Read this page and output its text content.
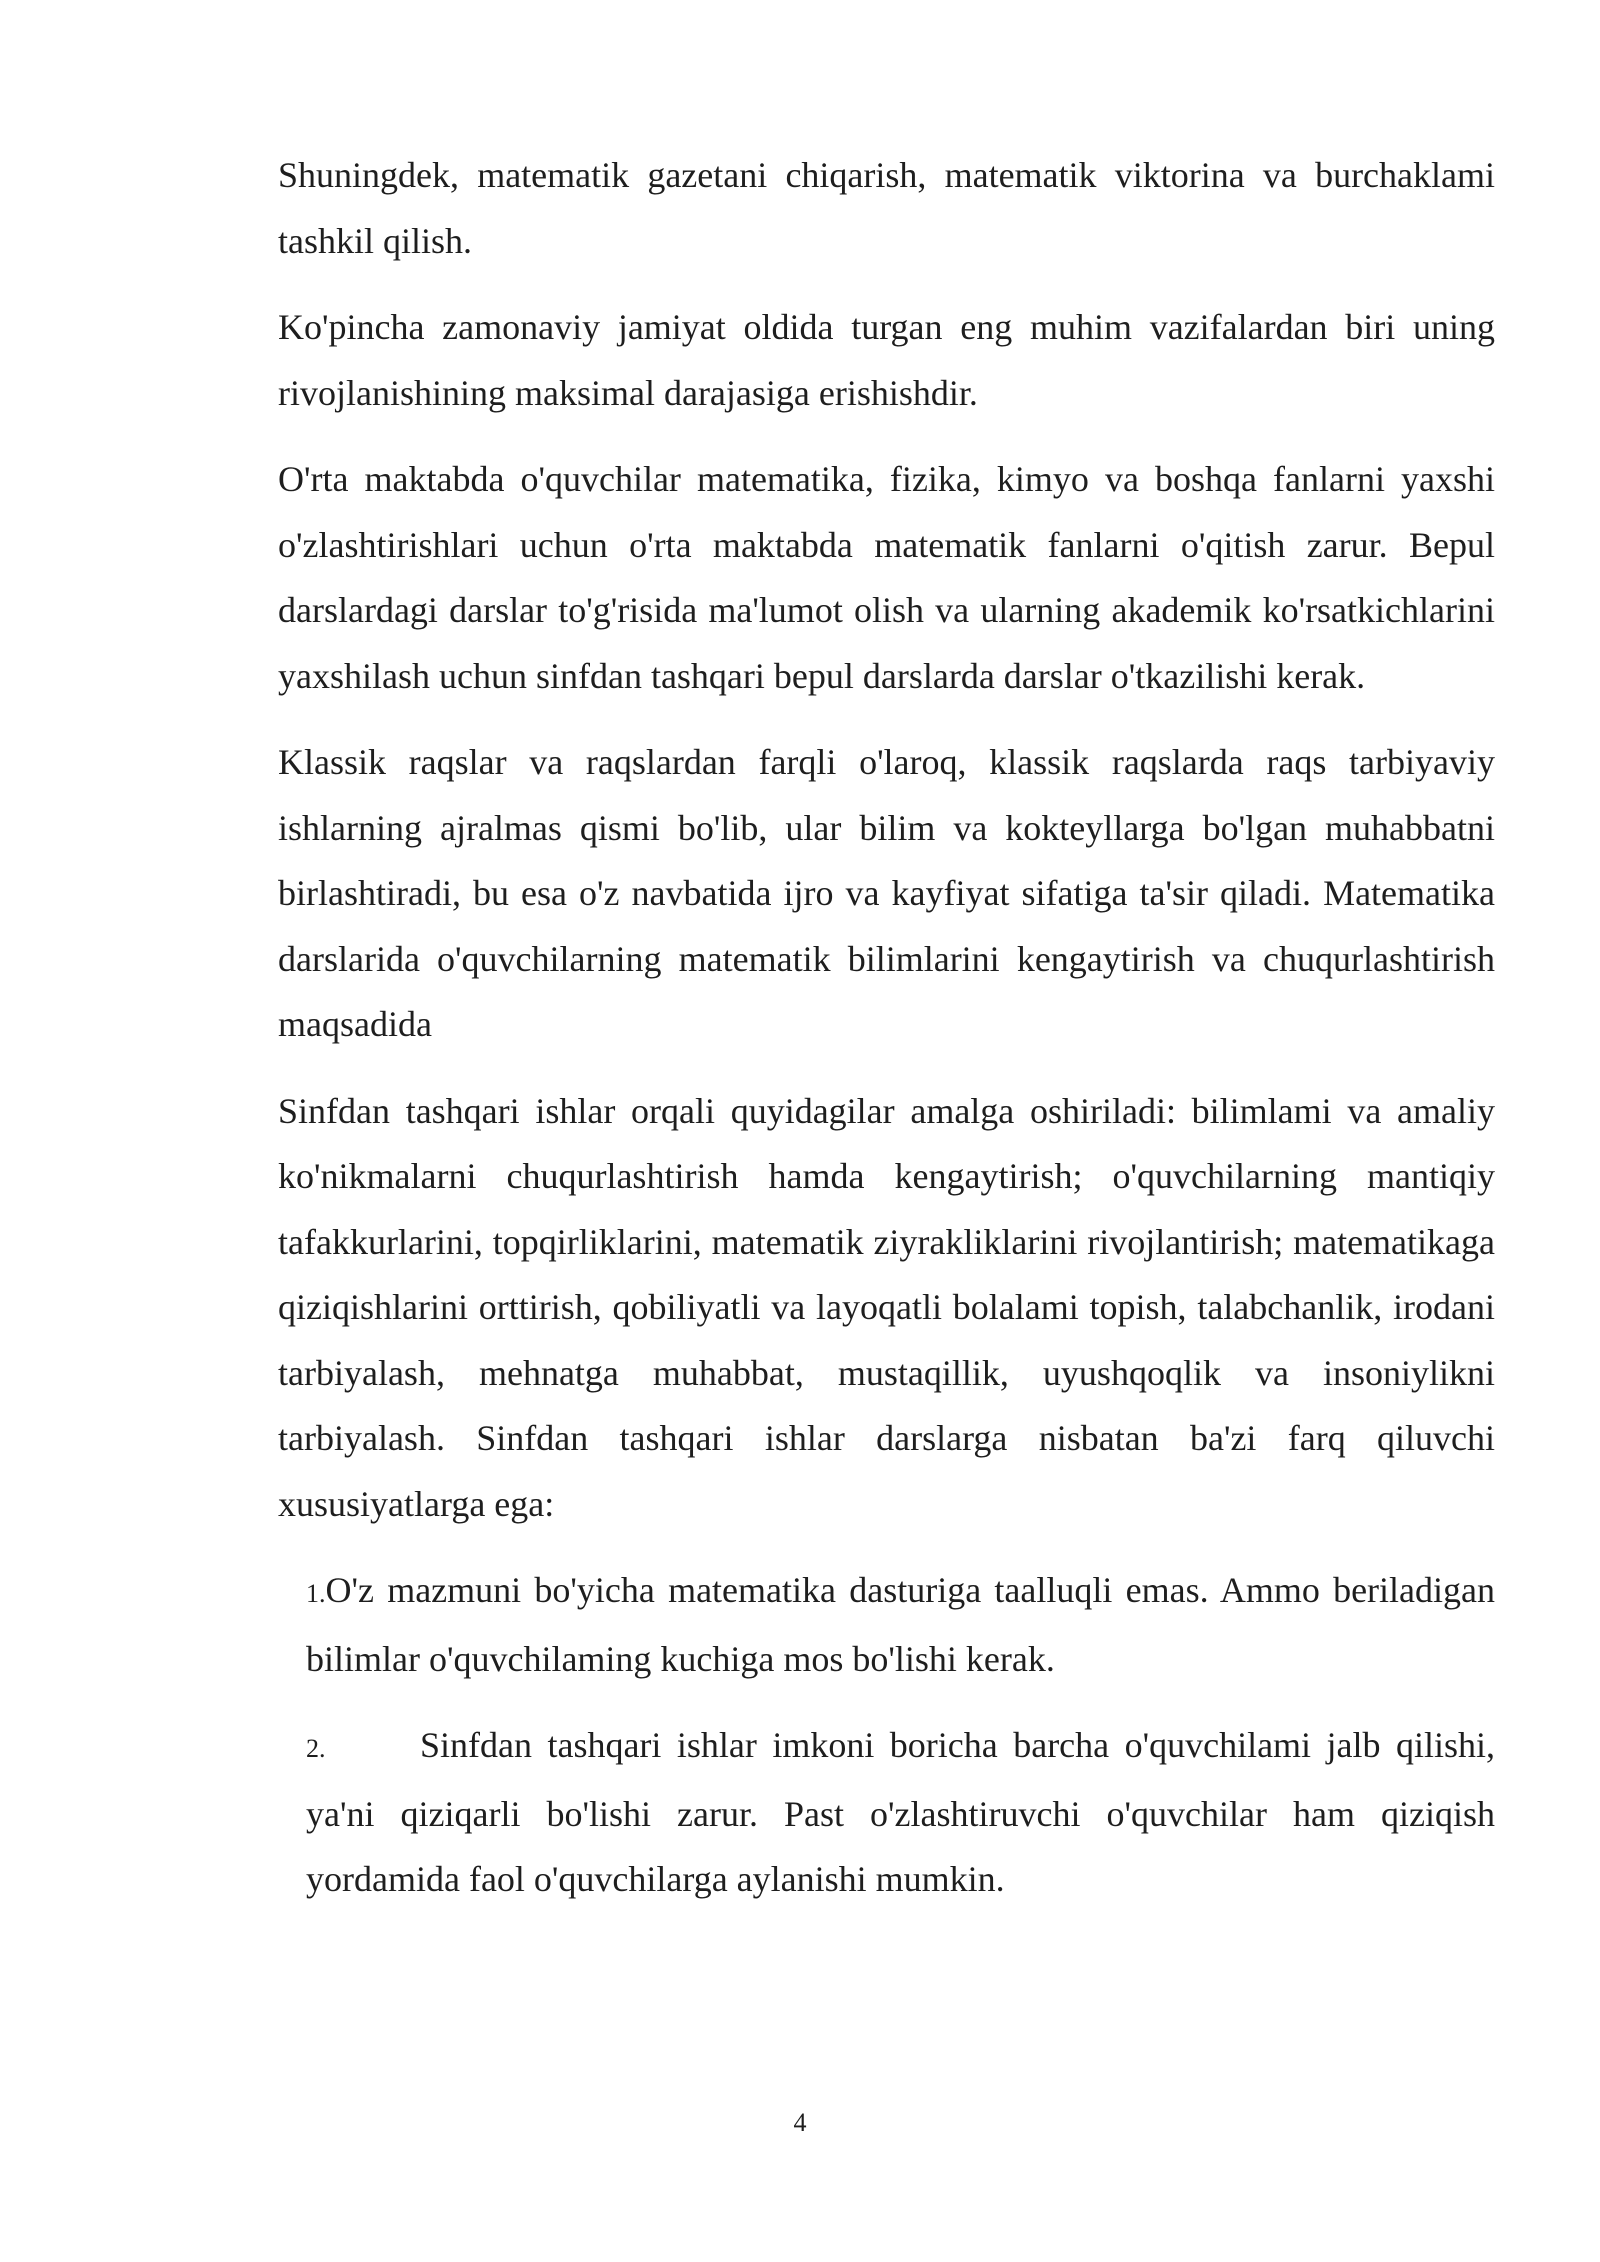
Shuningdek, matematik gazetani chiqarish, matematik viktorina va burchaklami tashkil qilish.

Ko'pincha zamonaviy jamiyat oldida turgan eng muhim vazifalardan biri uning rivojlanishining maksimal darajasiga erishishdir.

O'rta maktabda o'quvchilar matematika, fizika, kimyo va boshqa fanlarni yaxshi o'zlashtirishlari uchun o'rta maktabda matematik fanlarni o'qitish zarur. Bepul darslardagi darslar to'g'risida ma'lumot olish va ularning akademik ko'rsatkichlarini yaxshilash uchun sinfdan tashqari bepul darslarda darslar o'tkazilishi kerak.

Klassik raqslar va raqslardan farqli o'laroq, klassik raqslarda raqs tarbiyaviy ishlarning ajralmas qismi bo'lib, ular bilim va kokteyllarga bo'lgan muhabbatni birlashtiradi, bu esa o'z navbatida ijro va kayfiyat sifatiga ta'sir qiladi. Matematika darslarida o'quvchilarning matematik bilimlarini kengaytirish va chuqurlashtirish maqsadida

Sinfdan tashqari ishlar orqali quyidagilar amalga oshiriladi: bilimlami va amaliy ko'nikmalarni chuqurlashtirish hamda kengaytirish; o'quvchilarning mantiqiy tafakkurlarini, topqirliklarini, matematik ziyrakliklarini rivojlantirish; matematikaga qiziqishlarini orttirish, qobiliyatli va layoqatli bolalami topish, talabchanlik, irodani tarbiyalash, mehnatga muhabbat, mustaqillik, uyushqoqlik va insoniylikni tarbiyalash. Sinfdan tashqari ishlar darslarga nisbatan ba'zi farq qiluvchi xususiyatlarga ega:

1.O'z mazmuni bo'yicha matematika dasturiga taalluqli emas. Ammo beriladigan bilimlar o'quvchilaming kuchiga mos bo'lishi kerak.

2.	Sinfdan tashqari ishlar imkoni boricha barcha o'quvchilami jalb qilishi, ya'ni qiziqarli bo'lishi zarur. Past o'zlashtiruvchi o'quvchilar ham qiziqish yordamida faol o'quvchilarga aylanishi mumkin.

4
